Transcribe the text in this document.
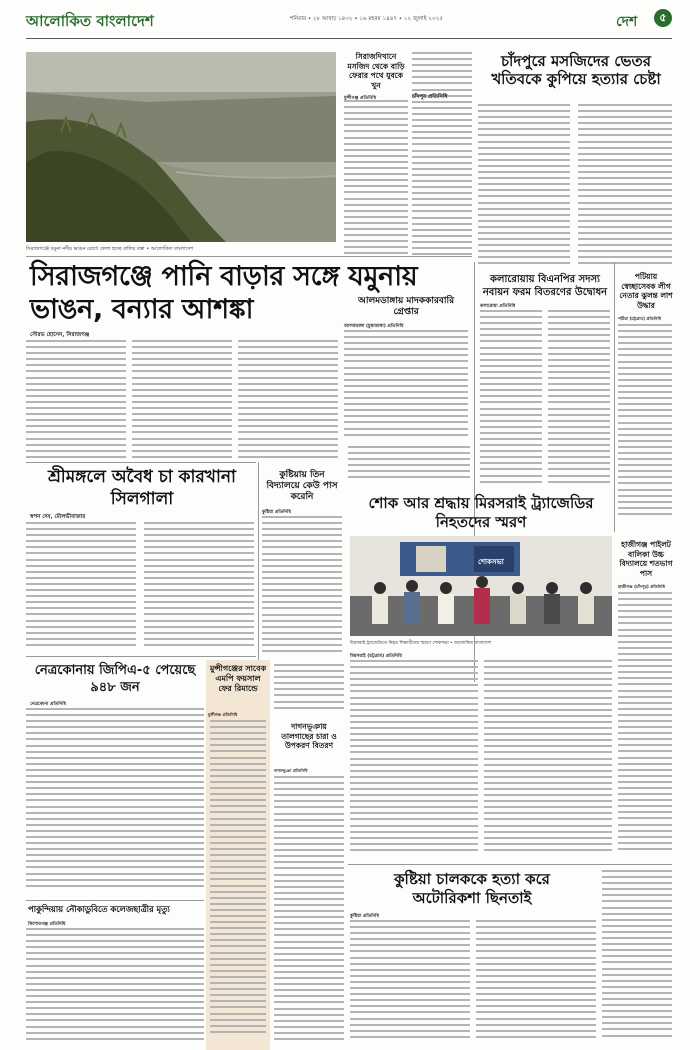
আলোকিত বাংলাদেশ	শনিবার • ২৮ আষাঢ় ১৪৩২ • ১৬ মহরম ১৪৪৭ • ১২ জুলাই ২০২৫	দেশ	৫
সিরাজগঞ্জে যমুনা নদীর ভাঙন রোধে ফেলা হচ্ছে বালির বস্তা • আলোকিত বাংলাদেশ
সিরাজদিখানে মসজিদ থেকে বাড়ি ফেরার পথে যুবকে খুন
মুন্সীগঞ্জ প্রতিনিধি
চাঁদপুরে মসজিদের ভেতর খতিবকে কুপিয়ে হত্যার চেষ্টা
চাঁদপুর প্রতিনিধি
সিরাজগঞ্জে পানি বাড়ার সঙ্গে যমুনায় ভাঙন, বন্যার আশঙ্কা
সৌরভ হোসেন, সিরাজগঞ্জ
আলমডাঙ্গায় মাদককারবারি গ্রেপ্তার
আলমডাঙ্গা (চুয়াডাঙ্গা) প্রতিনিধি
কলারোয়ায় বিএনপির সদস্য নবায়ন ফরম বিতরণের উদ্বোধন
কলারোয়া প্রতিনিধি
পটিয়ায় স্বেচ্ছাসেবক লীগ নেতার ঝুলন্ত লাশ উদ্ধার
পটিয়া (চট্টগ্রাম) প্রতিনিধি
শ্রীমঙ্গলে অবৈধ চা কারখানা সিলগালা
স্বপন দেব, মৌলভীবাজার
কুষ্টিয়ায় তিন বিদ্যালয়ে কেউ পাস করেনি
কুষ্টিয়া প্রতিনিধি
শোক আর শ্রদ্ধায় মিরসরাই ট্র্যাজেডির নিহতদের স্মরণ
শোকসভা
মিরসরাই ট্র্যাজেডিতে নিহত শিক্ষার্থীদের স্মরণে শোকসভা • আলোকিত বাংলাদেশ
মিরসরাই (চট্টগ্রাম) প্রতিনিধি
হাজীগঞ্জ পাইলট বালিকা উচ্চ বিদ্যালয়ে শতভাগ পাস
হাজীগঞ্জ (চাঁদপুর) প্রতিনিধি
নেত্রকোনায় জিপিএ-৫ পেয়েছে ৯৪৮ জন
নেত্রকোনা প্রতিনিধি
মুন্সীগঞ্জের সাবেক এমপি ফয়সাল ফের রিমান্ডে
মুন্সীগঞ্জ প্রতিনিধি
দাগনভূঞায় তালগাছের চারা ও উপকরণ বিতরণ
দাগনভূঞা প্রতিনিধি
কুষ্টিয়া চালককে হত্যা করে অটোরিকশা ছিনতাই
কুষ্টিয়া প্রতিনিধি
পাকুন্দিয়ায় নৌকাডুবিতে কলেজছাত্রীর মৃত্যু
কিশোরগঞ্জ প্রতিনিধি
